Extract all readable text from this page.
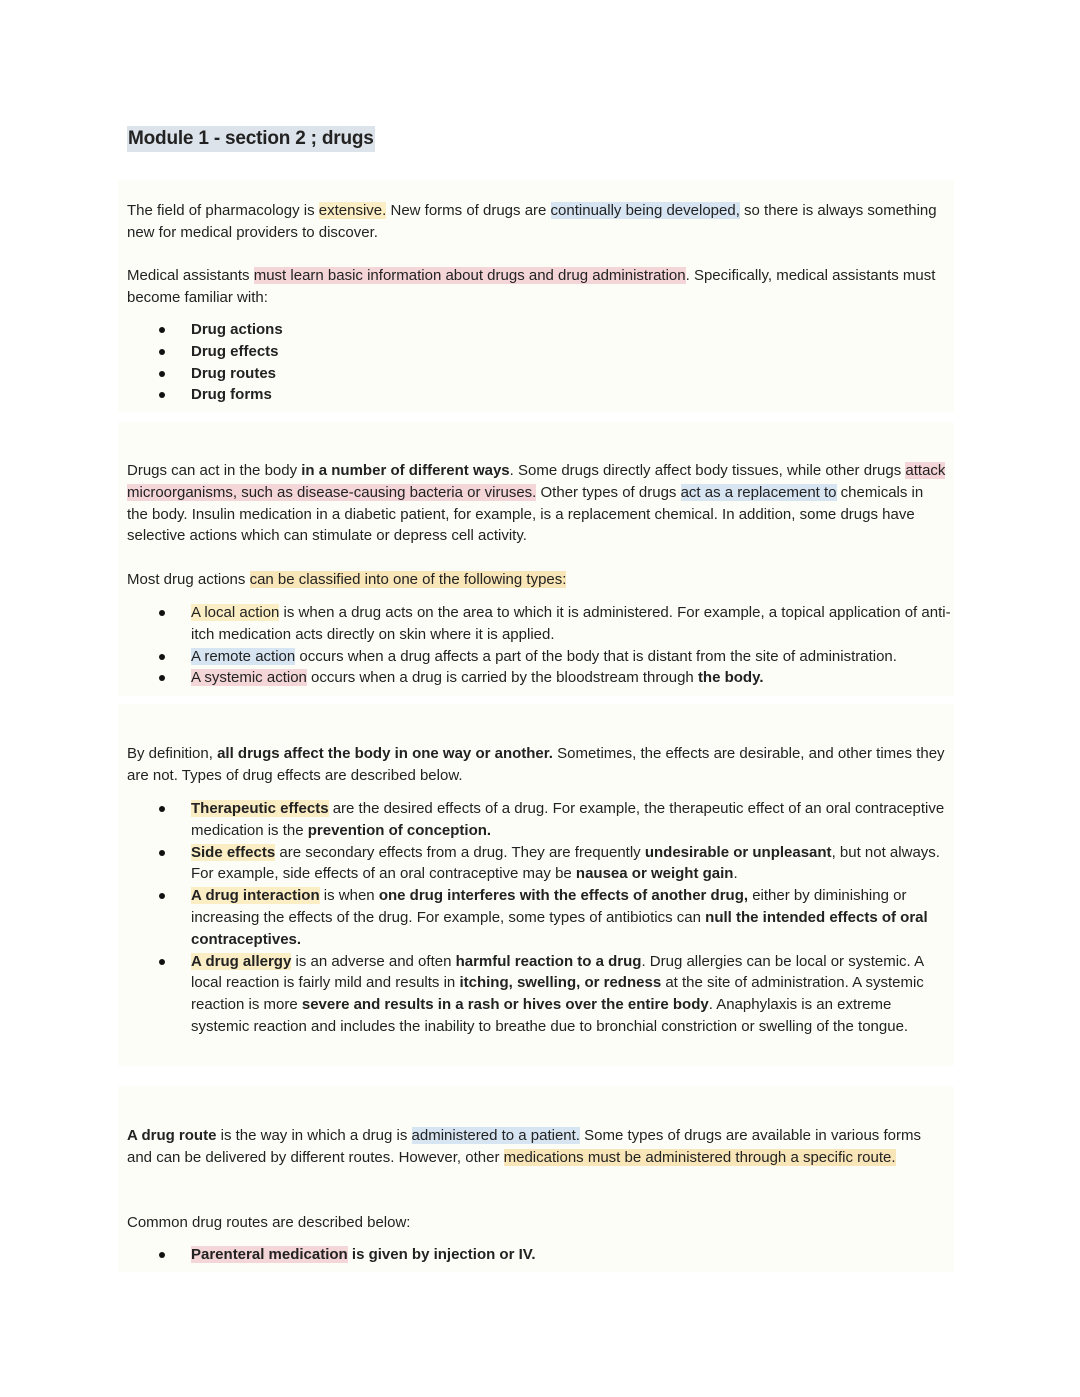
Module 1 - section 2 ; drugs

The field of pharmacology is extensive. New forms of drugs are continually being developed, so there is always something new for medical providers to discover.

Medical assistants must learn basic information about drugs and drug administration. Specifically, medical assistants must become familiar with:

Drug actions
Drug effects
Drug routes
Drug forms

Drugs can act in the body in a number of different ways. Some drugs directly affect body tissues, while other drugs attack microorganisms, such as disease-causing bacteria or viruses. Other types of drugs act as a replacement to chemicals in the body. Insulin medication in a diabetic patient, for example, is a replacement chemical. In addition, some drugs have selective actions which can stimulate or depress cell activity.

Most drug actions can be classified into one of the following types:

A local action is when a drug acts on the area to which it is administered. For example, a topical application of anti-itch medication acts directly on skin where it is applied.
A remote action occurs when a drug affects a part of the body that is distant from the site of administration.
A systemic action occurs when a drug is carried by the bloodstream through the body.

By definition, all drugs affect the body in one way or another. Sometimes, the effects are desirable, and other times they are not. Types of drug effects are described below.

Therapeutic effects are the desired effects of a drug. For example, the therapeutic effect of an oral contraceptive medication is the prevention of conception.
Side effects are secondary effects from a drug. They are frequently undesirable or unpleasant, but not always. For example, side effects of an oral contraceptive may be nausea or weight gain.
A drug interaction is when one drug interferes with the effects of another drug, either by diminishing or increasing the effects of the drug. For example, some types of antibiotics can null the intended effects of oral contraceptives.
A drug allergy is an adverse and often harmful reaction to a drug. Drug allergies can be local or systemic. A local reaction is fairly mild and results in itching, swelling, or redness at the site of administration. A systemic reaction is more severe and results in a rash or hives over the entire body. Anaphylaxis is an extreme systemic reaction and includes the inability to breathe due to bronchial constriction or swelling of the tongue.

A drug route is the way in which a drug is administered to a patient. Some types of drugs are available in various forms and can be delivered by different routes. However, other medications must be administered through a specific route.

Common drug routes are described below:

Parenteral medication is given by injection or IV.
